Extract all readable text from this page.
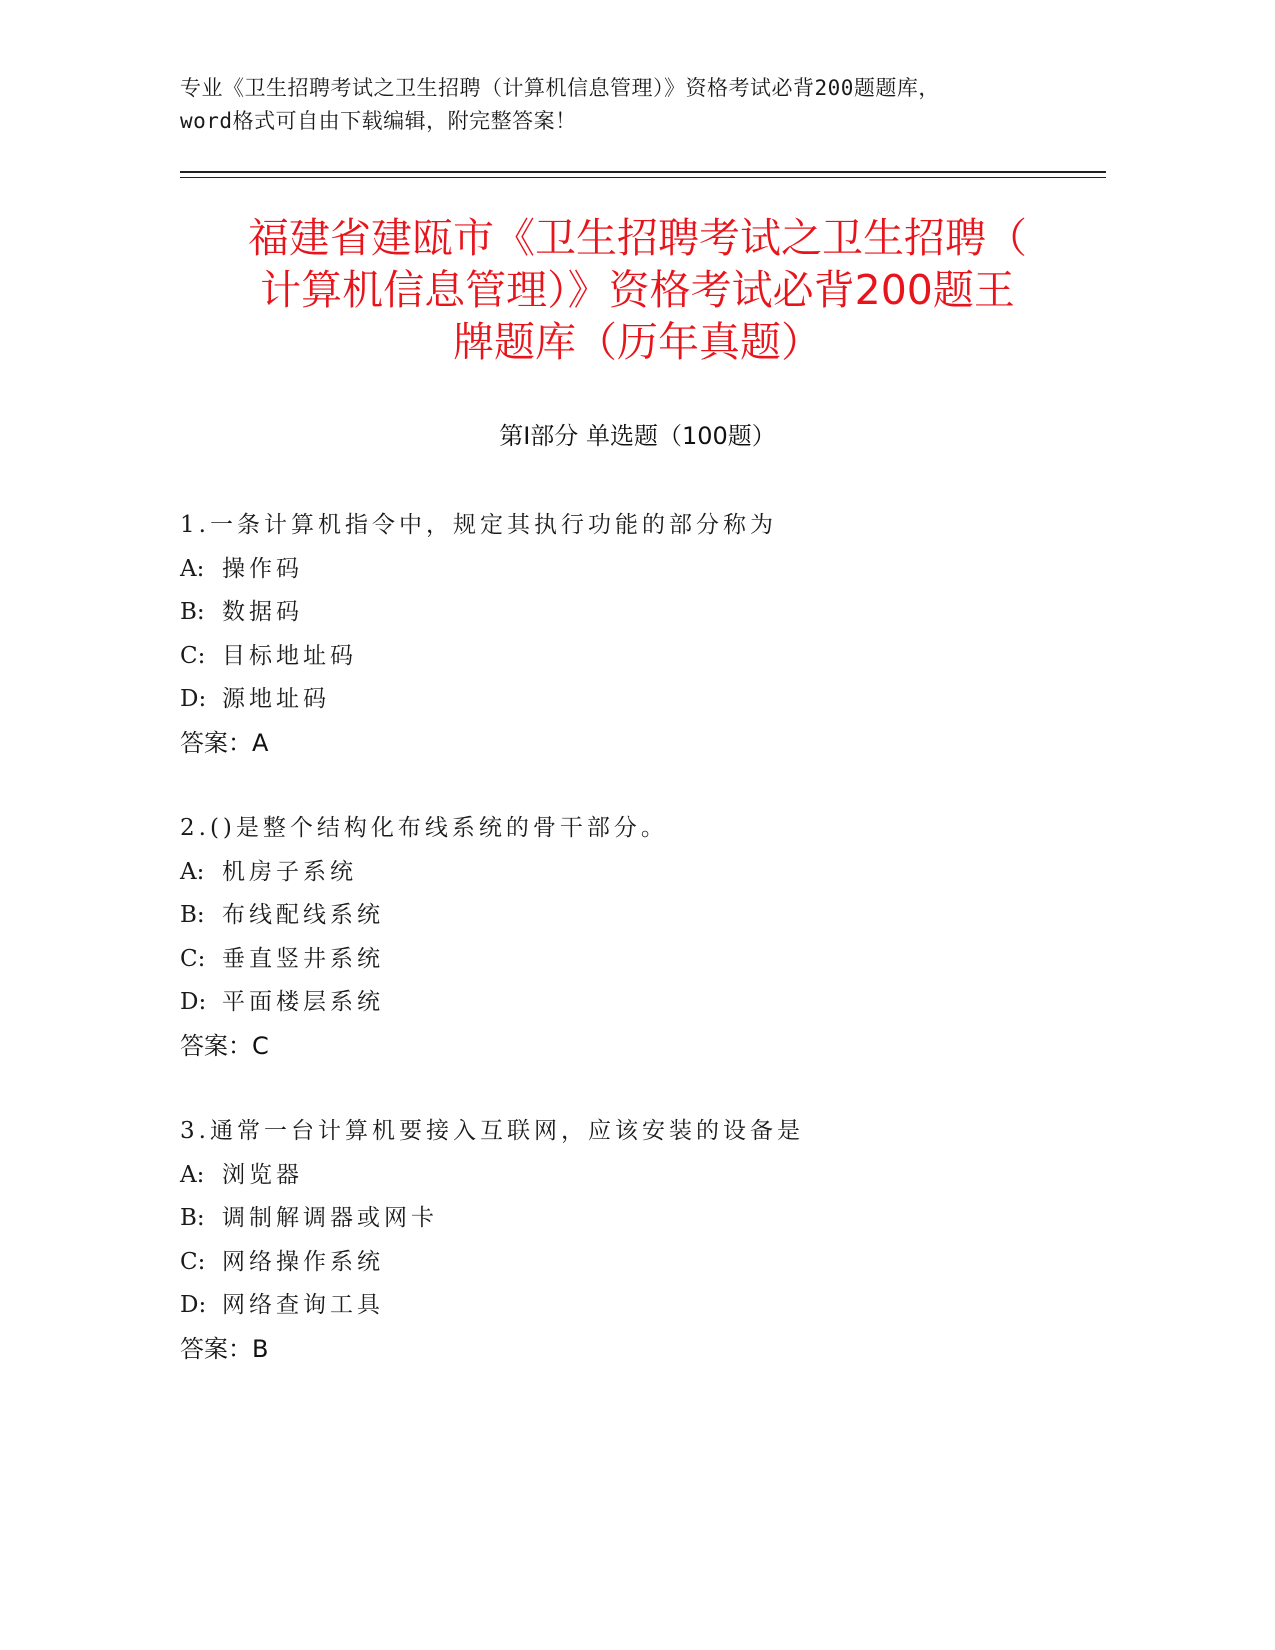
专业《卫生招聘考试之卫生招聘（计算机信息管理）》资格考试必背200题题库，
word格式可自由下载编辑，附完整答案！
福建省建瓯市《卫生招聘考试之卫生招聘（
计算机信息管理）》资格考试必背200题王
牌题库（历年真题）
第Ⅰ部分 单选题（100题）
1.一条计算机指令中，规定其执行功能的部分称为
A: 操作码
B: 数据码
C: 目标地址码
D: 源地址码
答案：A
2.()是整个结构化布线系统的骨干部分。
A: 机房子系统
B: 布线配线系统
C: 垂直竖井系统
D: 平面楼层系统
答案：C
3.通常一台计算机要接入互联网，应该安装的设备是
A: 浏览器
B: 调制解调器或网卡
C: 网络操作系统
D: 网络查询工具
答案：B
